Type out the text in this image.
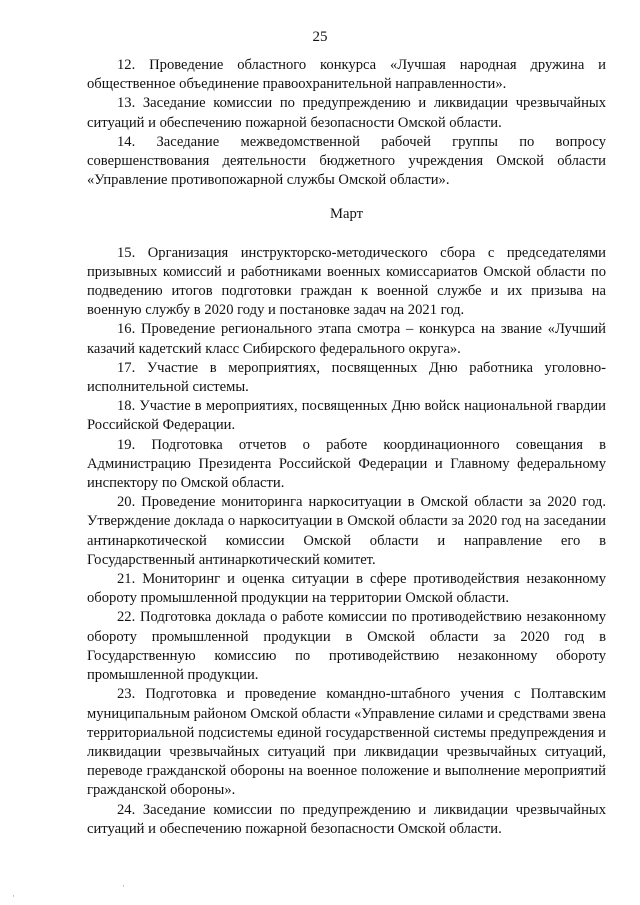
25

12. Проведение областного конкурса «Лучшая народная дружина и общественное объединение правоохранительной направленности».

13. Заседание комиссии по предупреждению и ликвидации чрезвычайных ситуаций и обеспечению пожарной безопасности Омской области.

14. Заседание межведомственной рабочей группы по вопросу совершенствования деятельности бюджетного учреждения Омской области «Управление противопожарной службы Омской области».

Март

15. Организация инструкторско-методического сбора с председателями призывных комиссий и работниками военных комиссариатов Омской области по подведению итогов подготовки граждан к военной службе и их призыва на военную службу в 2020 году и постановке задач на 2021 год.

16. Проведение регионального этапа смотра – конкурса на звание «Лучший казачий кадетский класс Сибирского федерального округа».

17. Участие в мероприятиях, посвященных Дню работника уголовно-исполнительной системы.

18. Участие в мероприятиях, посвященных Дню войск национальной гвардии Российской Федерации.

19. Подготовка отчетов о работе координационного совещания в Администрацию Президента Российской Федерации и Главному федеральному инспектору по Омской области.

20. Проведение мониторинга наркоситуации в Омской области за 2020 год. Утверждение доклада о наркоситуации в Омской области за 2020 год на заседании антинаркотической комиссии Омской области и направление его в Государственный антинаркотический комитет.

21. Мониторинг и оценка ситуации в сфере противодействия незаконному обороту промышленной продукции на территории Омской области.

22. Подготовка доклада о работе комиссии по противодействию незаконному обороту промышленной продукции в Омской области за 2020 год в Государственную комиссию по противодействию незаконному обороту промышленной продукции.

23. Подготовка и проведение командно-штабного учения с Полтавским муниципальным районом Омской области «Управление силами и средствами звена территориальной подсистемы единой государственной системы предупреждения и ликвидации чрезвычайных ситуаций при ликвидации чрезвычайных ситуаций, переводе гражданской обороны на военное положение и выполнение мероприятий гражданской обороны».

24. Заседание комиссии по предупреждению и ликвидации чрезвычайных ситуаций и обеспечению пожарной безопасности Омской области.

·
·
